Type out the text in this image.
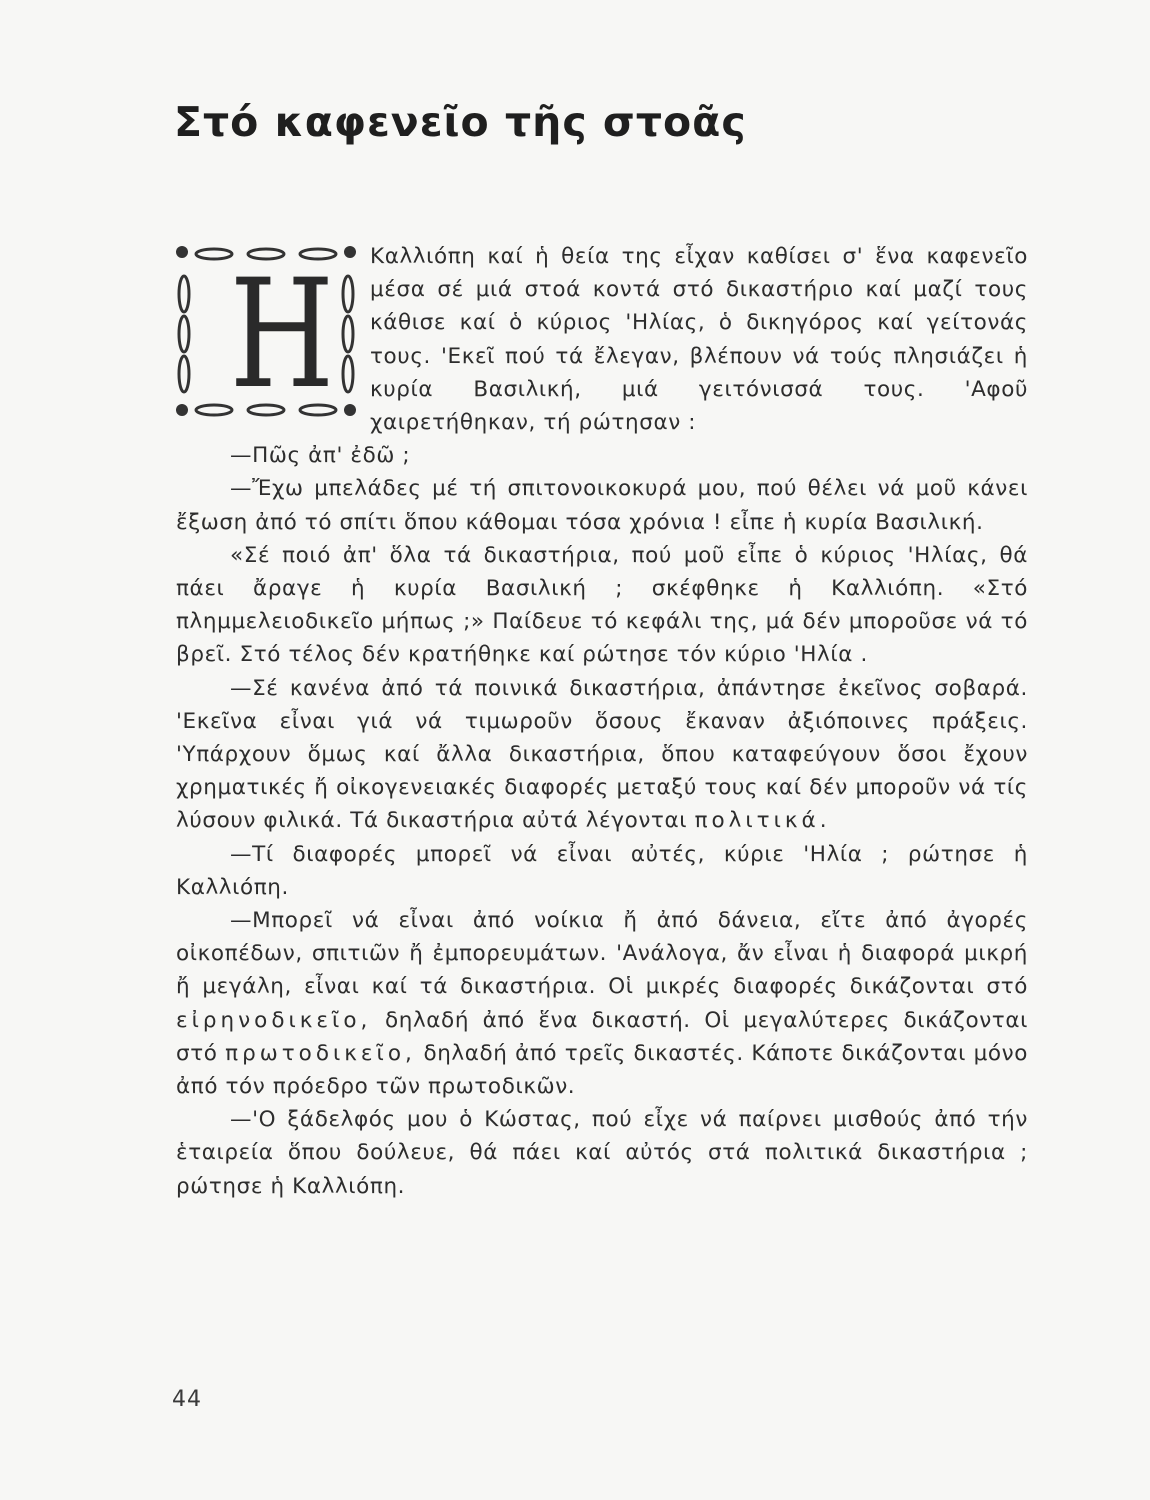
Στό καφενεῖο τῆς στοᾶς

Η Καλλιόπη καί ἡ θεία της εἶχαν καθίσει σ' ἕνα καφενεῖο μέσα σέ μιά στοά κοντά στό δικαστήριο καί μαζί τους κάθισε καί ὁ κύριος 'Ηλίας, ὁ δικηγόρος καί γείτονάς τους. 'Εκεῖ πού τά ἔλεγαν, βλέπουν νά τούς πλησιάζει ἡ κυρία Βασιλική, μιά γειτόνισσά τους. 'Αφοῦ χαιρετήθηκαν, τή ρώτησαν :

—Πῶς ἀπ' ἐδῶ ;

—Ἔχω μπελάδες μέ τή σπιτονοικοκυρά μου, πού θέλει νά μοῦ κάνει ἔξωση ἀπό τό σπίτι ὅπου κάθομαι τόσα χρόνια ! εἶπε ἡ κυρία Βασιλική.

«Σέ ποιό ἀπ' ὅλα τά δικαστήρια, πού μοῦ εἶπε ὁ κύριος 'Ηλίας, θά πάει ἄραγε ἡ κυρία Βασιλική ; σκέφθηκε ἡ Καλλιόπη. «Στό πλημμελειοδικεῖο μήπως ;» Παίδευε τό κεφάλι της, μά δέν μποροῦσε νά τό βρεῖ. Στό τέλος δέν κρατήθηκε καί ρώτησε τόν κύριο 'Ηλία .

—Σέ κανένα ἀπό τά ποινικά δικαστήρια, ἀπάντησε ἐκεῖνος σοβαρά. 'Εκεῖνα εἶναι γιά νά τιμωροῦν ὅσους ἔκαναν ἀξιόποινες πράξεις. 'Υπάρχουν ὅμως καί ἄλλα δικαστήρια, ὅπου καταφεύγουν ὅσοι ἔχουν χρηματικές ἤ οἰκογενειακές διαφορές μεταξύ τους καί δέν μποροῦν νά τίς λύσουν φιλικά. Τά δικαστήρια αὐτά λέγονται πολιτικά.

—Τί διαφορές μπορεῖ νά εἶναι αὐτές, κύριε 'Ηλία ; ρώτησε ἡ Καλλιόπη.

—Μπορεῖ νά εἶναι ἀπό νοίκια ἤ ἀπό δάνεια, εἴτε ἀπό ἀγορές οἰκοπέδων, σπιτιῶν ἤ ἐμπορευμάτων. 'Ανάλογα, ἄν εἶναι ἡ διαφορά μικρή ἤ μεγάλη, εἶναι καί τά δικαστήρια. Οἱ μικρές διαφορές δικάζονται στό εἰρηνοδικεῖο, δηλαδή ἀπό ἕνα δικαστή. Οἱ μεγαλύτερες δικάζονται στό πρωτοδικεῖο, δηλαδή ἀπό τρεῖς δικαστές. Κάποτε δικάζονται μόνο ἀπό τόν πρόεδρο τῶν πρωτοδικῶν.

—'Ο ξάδελφός μου ὁ Κώστας, πού εἶχε νά παίρνει μισθούς ἀπό τήν ἑταιρεία ὅπου δούλευε, θά πάει καί αὐτός στά πολιτικά δικαστήρια ; ρώτησε ἡ Καλλιόπη.

44
